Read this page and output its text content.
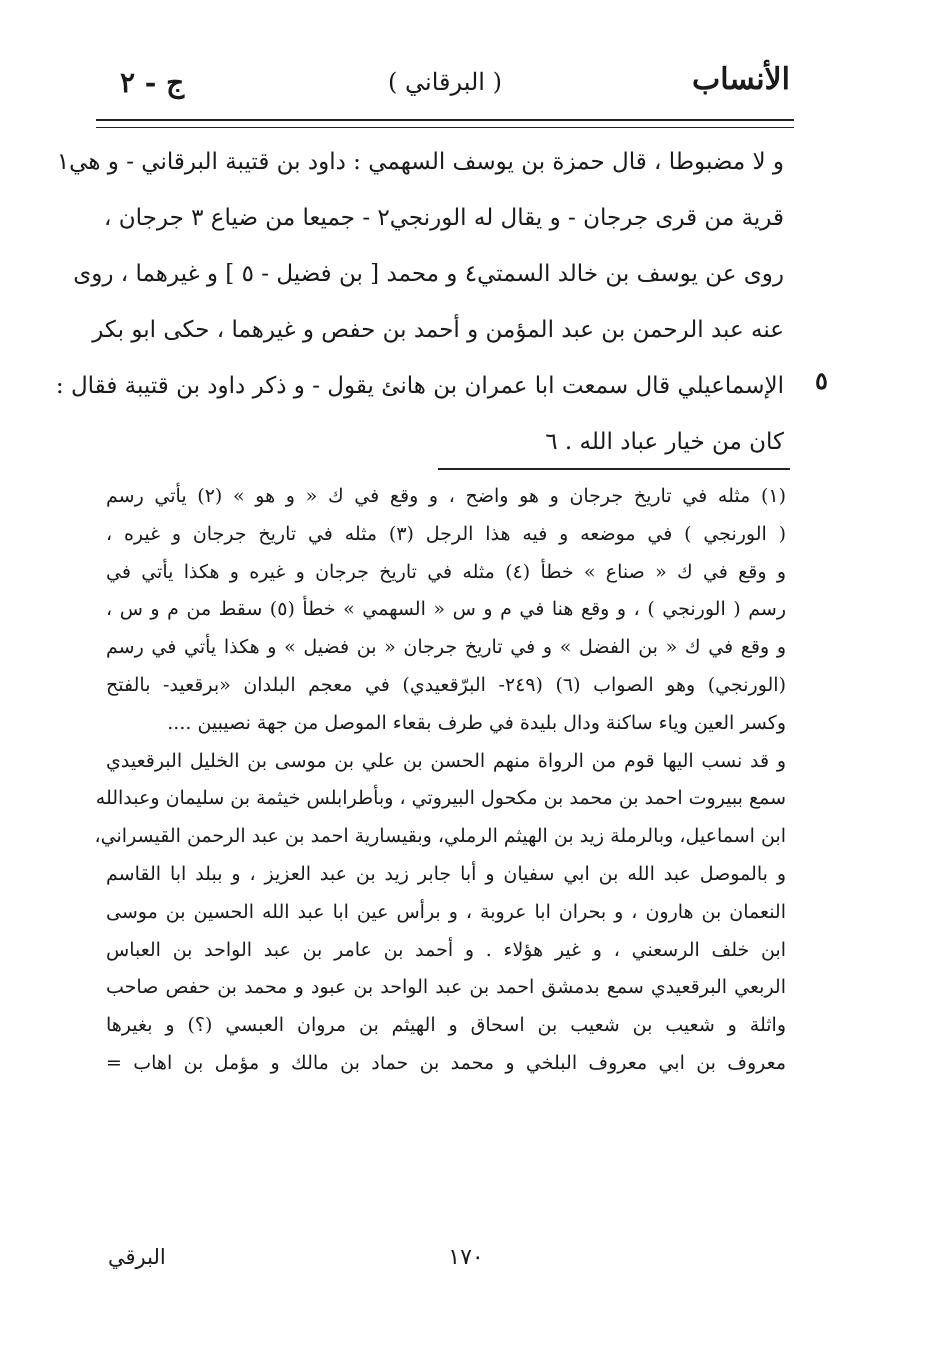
الأنساب
( البرقاني )
ج - ٢
و لا مضبوطا ، قال حمزة بن يوسف السهمي : داود بن قتيبة البرقاني - و هي١
قرية من قرى جرجان - و يقال له الورنجي٢ - جميعا من ضياع ٣ جرجان ،
روى عن يوسف بن خالد السمتي٤ و محمد [ بن فضيل - ٥ ] و غيرهما ، روى
عنه عبد الرحمن بن عبد المؤمن و أحمد بن حفص و غيرهما ، حكى ابو بكر
الإسماعيلي قال سمعت ابا عمران بن هانئ يقول - و ذكر داود بن قتيبة فقال :
كان من خيار عباد الله . ٦
٥
(١) مثله في تاريخ جرجان و هو واضح ، و وقع في ك « و هو » (٢) يأتي رسم
( الورنجي ) في موضعه و فيه هذا الرجل (٣) مثله في تاريخ جرجان و غيره ،
و وقع في ك « صناع » خطأ (٤) مثله في تاريخ جرجان و غيره و هكذا يأتي في
رسم ( الورنجي ) ، و وقع هنا في م و س « السهمي » خطأ (٥) سقط من م و س ،
و وقع في ك « بن الفضل » و في تاريخ جرجان « بن فضيل » و هكذا يأتي في رسم
(الورنجي) وهو الصواب (٦) (٢٤٩- البرّقعيدي) في معجم البلدان «برقعيد- بالفتح
وكسر العين وياء ساكنة ودال بليدة في طرف بقعاء الموصل من جهة نصيبين ....
و قد نسب اليها قوم من الرواة منهم الحسن بن علي بن موسى بن الخليل البرقعيدي
سمع ببيروت احمد بن محمد بن مكحول البيروتي ، وبأطرابلس خيثمة بن سليمان وعبدالله
ابن اسماعيل، وبالرملة زيد بن الهيثم الرملي، وبقيسارية احمد بن عبد الرحمن القيسراني،
و بالموصل عبد الله بن ابي سفيان و أبا جابر زيد بن عبد العزيز ، و ببلد ابا القاسم
النعمان بن هارون ، و بحران ابا عروبة ، و برأس عين ابا عبد الله الحسين بن موسى
ابن خلف الرسعني ، و غير هؤلاء . و أحمد بن عامر بن عبد الواحد بن العباس
الربعي البرقعيدي سمع بدمشق احمد بن عبد الواحد بن عبود و محمد بن حفص صاحب
واثلة و شعيب بن شعيب بن اسحاق و الهيثم بن مروان العبسي (؟) و بغيرها
معروف بن ابي معروف البلخي و محمد بن حماد بن مالك و مؤمل بن اهاب =
١٧٠
البرقي
